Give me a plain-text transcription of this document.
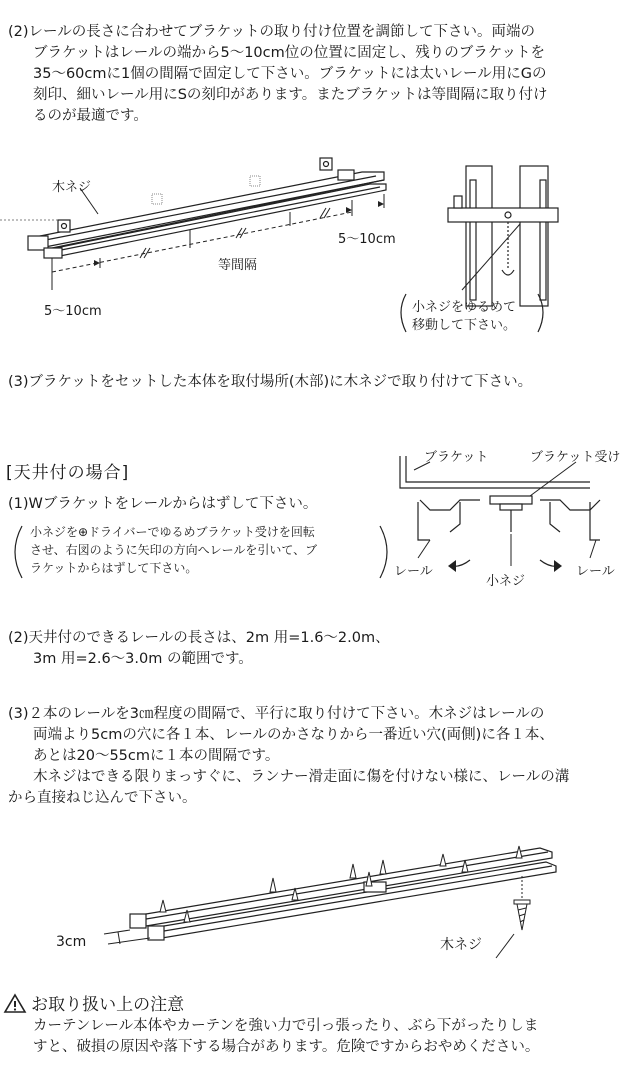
(2)レールの長さに合わせてブラケットの取り付け位置を調節して下さい。両端の

ブラケットはレールの端から5〜10cm位の位置に固定し、残りのブラケットを

35〜60cmに1個の間隔で固定して下さい。ブラケットには太いレール用にGの

刻印、細いレール用にSの刻印があります。またブラケットは等間隔に取り付け

るのが最適です。

木ネジ
5〜10cm
等間隔
5〜10cm	小ネジをゆるめて
移動して下さい。

(3)ブラケットをセットした本体を取付場所(木部)に木ネジで取り付けて下さい。

[天井付の場合]

(1)Wブラケットをレールからはずして下さい。

小ネジを⊕ドライバーでゆるめブラケット受けを回転
させ、右図のように矢印の方向へレールを引いて、ブ
ラケットからはずして下さい。
ブラケット	ブラケット受け
レール
小ネジ
レール

(2)天井付のできるレールの長さは、2m 用=1.6〜2.0m、

3m 用=2.6〜3.0m の範囲です。

(3)２本のレールを3㎝程度の間隔で、平行に取り付けて下さい。木ネジはレールの

両端より5cmの穴に各１本、レールのかさなりから一番近い穴(両側)に各１本、

あとは20〜55cmに１本の間隔です。

木ネジはできる限りまっすぐに、ランナー滑走面に傷を付けない様に、レールの溝

から直接ねじ込んで下さい。

3cm	木ネジ
お取り扱い上の注意
カーテンレール本体やカーテンを強い力で引っ張ったり、ぶら下がったりしま
すと、破損の原因や落下する場合があります。危険ですからおやめください。
